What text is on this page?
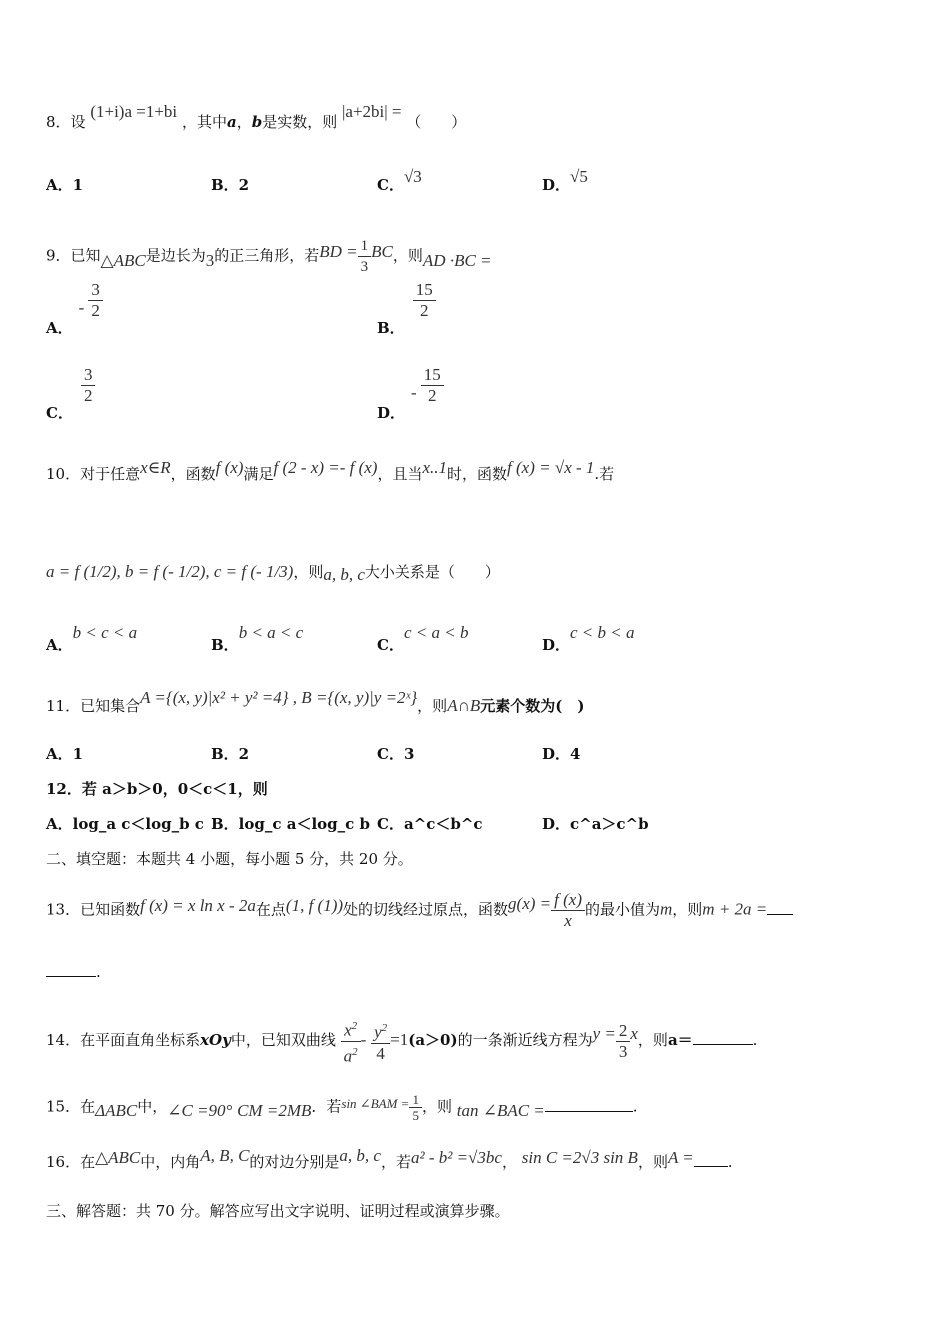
8．设 (1+i)a =1+bi ，其中a，b是实数，则 |a+2bi| = （　　）
A．1	B．2	C．√3	D．√5
9．已知△ABC是边长为3的正三角形，若BD = $\frac{1}{3}$ BC，则AD ·BC =
A．- $\frac{3}{2}$
B．
$\frac{15}{2}$
C．
$\frac{3}{2}$
D．- $\frac{15}{2}$
10．对于任意x∈R，函数f (x)满足f (2 - x) =- f (x)，且当x..1时，函数f (x) = √x - 1.若
a = f (1/2), b = f (- 1/2), c = f (- 1/3)，则a, b, c大小关系是（　　）
A．b < c < a
B．b < a < c
C．c < a < b
D．c < b < a
11．已知集合A ={(x, y)|x² + y² =4} , B ={(x, y)|y =2ˣ}，则A∩B元素个数为(　)
A．1	B．2	C．3	D．4
12．若 a＞b＞0，0＜c＜1，则
A．log_a c＜log_b c B．log_c a＜log_c b C．a^c＜b^c	D．c^a＞c^b
二、填空题：本题共 4 小题，每小题 5 分，共 20 分。
13．已知函数f (x) = x ln x - 2a在点(1, f (1))处的切线经过原点，函数$g(x) = \frac{f (x)}{x}$ 的最小值为m，则m + 2a =
.
14．在平面直角坐标系xOy中，已知双曲线 $\frac{x^2}{a^2} - \frac{y^2}{4} =1(a>0)$的一条渐近线方程为$y = \frac{2}{3}$ x，则a＝	.
15．在ΔABC中，∠C =90° CM =2MB．若sin ∠BAM = $\frac{1}{5}$ ，则 tan ∠BAC =	.
16．在△ABC中，内角A, B, C的对边分别是a, b, c，若a² - b² =√3bc， sin C =2√3 sin B，则A = .
三、解答题：共 70 分。解答应写出文字说明、证明过程或演算步骤。
